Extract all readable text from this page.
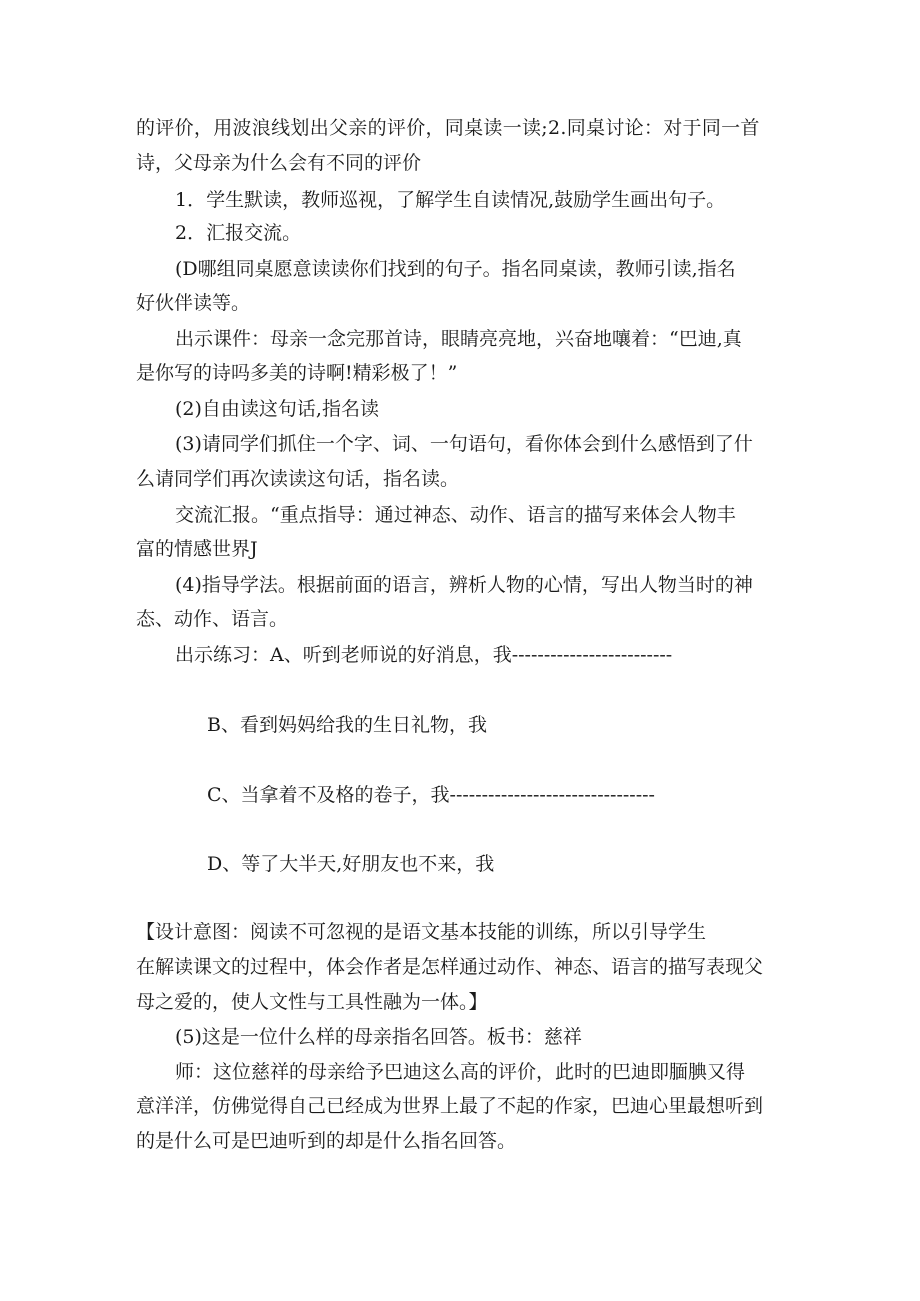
的评价，用波浪线划出父亲的评价，同桌读一读;2.同桌讨论：对于同一首
诗，父母亲为什么会有不同的评价
1．学生默读，教师巡视，了解学生自读情况,鼓励学生画出句子。
2．汇报交流。
(D哪组同桌愿意读读你们找到的句子。指名同桌读，教师引读,指名
好伙伴读等。
出示课件：母亲一念完那首诗，眼睛亮亮地，兴奋地嚷着：“巴迪,真
是你写的诗吗多美的诗啊!精彩极了！”
(2)自由读这句话,指名读
(3)请同学们抓住一个字、词、一句语句，看你体会到什么感悟到了什
么请同学们再次读读这句话，指名读。
交流汇报。“重点指导：通过神态、动作、语言的描写来体会人物丰
富的情感世界J
(4)指导学法。根据前面的语言，辨析人物的心情，写出人物当时的神
态、动作、语言。
出示练习：A、听到老师说的好消息，我-------------------------
B、看到妈妈给我的生日礼物，我
C、当拿着不及格的卷子，我--------------------------------
D、等了大半天,好朋友也不来，我
【设计意图：阅读不可忽视的是语文基本技能的训练，所以引导学生
在解读课文的过程中，体会作者是怎样通过动作、神态、语言的描写表现父
母之爱的，使人文性与工具性融为一体。】
(5)这是一位什么样的母亲指名回答。板书：慈祥
师：这位慈祥的母亲给予巴迪这么高的评价，此时的巴迪即腼腆又得
意洋洋，仿佛觉得自己已经成为世界上最了不起的作家，巴迪心里最想听到
的是什么可是巴迪听到的却是什么指名回答。
